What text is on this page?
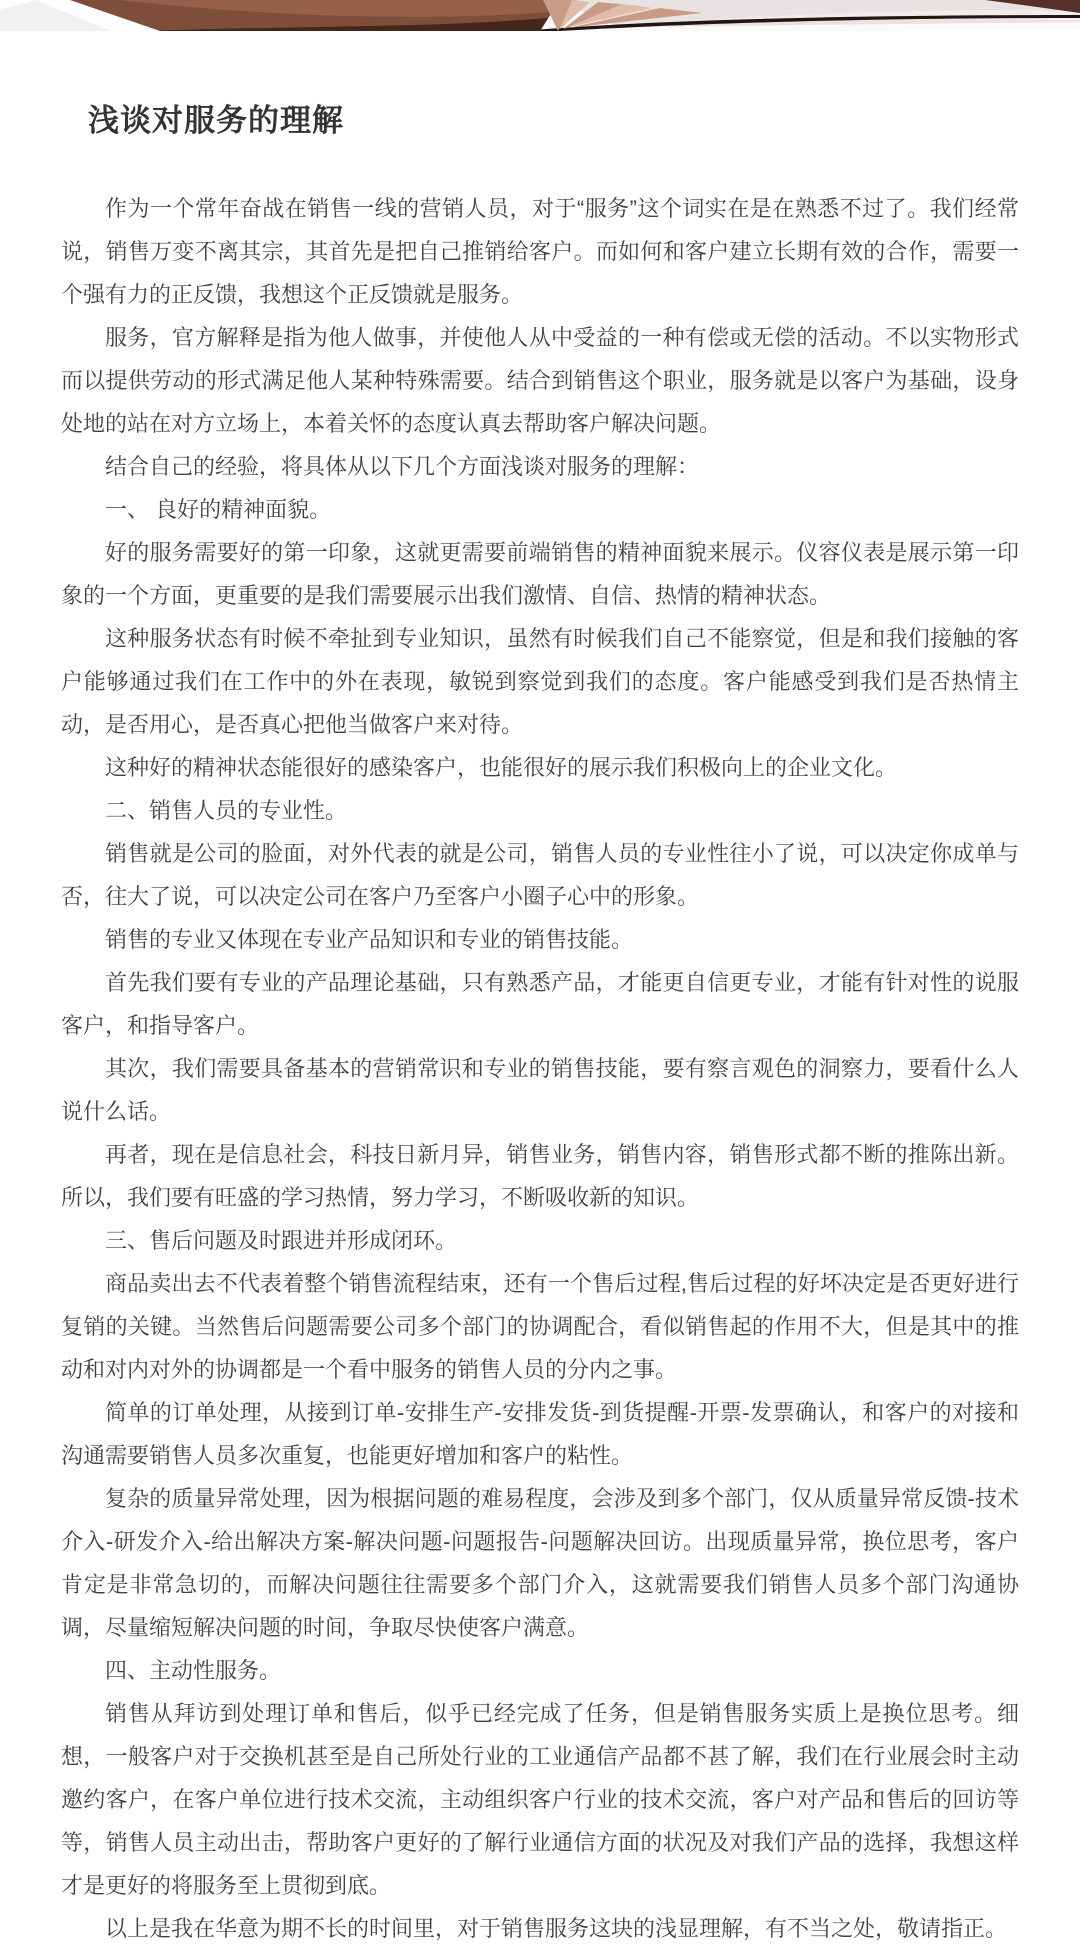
浅谈对服务的理解

作为一个常年奋战在销售一线的营销人员，对于“服务”这个词实在是在熟悉不过了。我们经常说，销售万变不离其宗，其首先是把自己推销给客户。而如何和客户建立长期有效的合作，需要一个强有力的正反馈，我想这个正反馈就是服务。

服务，官方解释是指为他人做事，并使他人从中受益的一种有偿或无偿的活动。不以实物形式而以提供劳动的形式满足他人某种特殊需要。结合到销售这个职业，服务就是以客户为基础，设身处地的站在对方立场上，本着关怀的态度认真去帮助客户解决问题。

结合自己的经验，将具体从以下几个方面浅谈对服务的理解：

一、 良好的精神面貌。

好的服务需要好的第一印象，这就更需要前端销售的精神面貌来展示。仪容仪表是展示第一印象的一个方面，更重要的是我们需要展示出我们激情、自信、热情的精神状态。

这种服务状态有时候不牵扯到专业知识，虽然有时候我们自己不能察觉，但是和我们接触的客户能够通过我们在工作中的外在表现，敏锐到察觉到我们的态度。客户能感受到我们是否热情主动，是否用心，是否真心把他当做客户来对待。

这种好的精神状态能很好的感染客户，也能很好的展示我们积极向上的企业文化。

二、销售人员的专业性。

销售就是公司的脸面，对外代表的就是公司，销售人员的专业性往小了说，可以决定你成单与否，往大了说，可以决定公司在客户乃至客户小圈子心中的形象。

销售的专业又体现在专业产品知识和专业的销售技能。

首先我们要有专业的产品理论基础，只有熟悉产品，才能更自信更专业，才能有针对性的说服客户，和指导客户。

其次，我们需要具备基本的营销常识和专业的销售技能，要有察言观色的洞察力，要看什么人说什么话。

再者，现在是信息社会，科技日新月异，销售业务，销售内容，销售形式都不断的推陈出新。所以，我们要有旺盛的学习热情，努力学习，不断吸收新的知识。

三、售后问题及时跟进并形成闭环。

商品卖出去不代表着整个销售流程结束，还有一个售后过程,售后过程的好坏决定是否更好进行复销的关键。当然售后问题需要公司多个部门的协调配合，看似销售起的作用不大，但是其中的推动和对内对外的协调都是一个看中服务的销售人员的分内之事。

简单的订单处理，从接到订单-安排生产-安排发货-到货提醒-开票-发票确认，和客户的对接和沟通需要销售人员多次重复，也能更好增加和客户的粘性。

复杂的质量异常处理，因为根据问题的难易程度，会涉及到多个部门，仅从质量异常反馈-技术介入-研发介入-给出解决方案-解决问题-问题报告-问题解决回访。出现质量异常，换位思考，客户肯定是非常急切的，而解决问题往往需要多个部门介入，这就需要我们销售人员多个部门沟通协调，尽量缩短解决问题的时间，争取尽快使客户满意。

四、主动性服务。

销售从拜访到处理订单和售后，似乎已经完成了任务，但是销售服务实质上是换位思考。细想，一般客户对于交换机甚至是自己所处行业的工业通信产品都不甚了解，我们在行业展会时主动邀约客户，在客户单位进行技术交流，主动组织客户行业的技术交流，客户对产品和售后的回访等等，销售人员主动出击，帮助客户更好的了解行业通信方面的状况及对我们产品的选择，我想这样才是更好的将服务至上贯彻到底。

以上是我在华意为期不长的时间里，对于销售服务这块的浅显理解，有不当之处，敬请指正。
